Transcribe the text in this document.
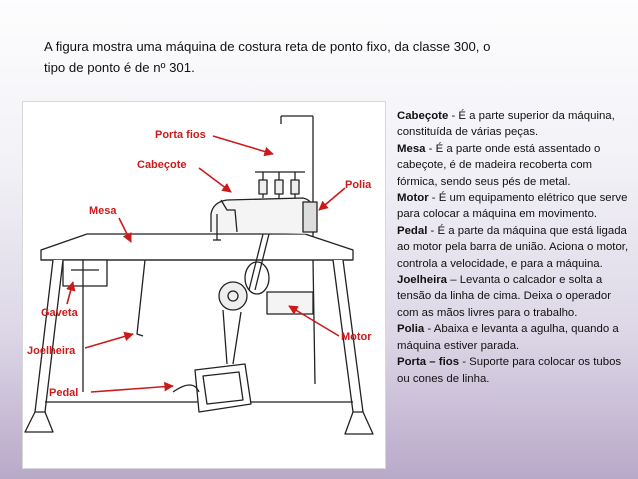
A figura mostra uma máquina de costura reta de ponto fixo, da classe 300, o
tipo de ponto é de nº 301.
Porta fios
Cabeçote
Polia
Mesa
Gaveta
Joelheira
Motor
Pedal

Cabeçote - É a parte superior da máquina, constituída de várias peças.

Mesa - É a parte onde está assentado o cabeçote, é de madeira recoberta com fórmica, sendo seus pés de metal.

Motor - É um equipamento elétrico que serve para colocar a máquina em movimento.

Pedal - É a parte da máquina que está ligada ao motor pela barra de união. Aciona o motor, controla a velocidade, e para a máquina.

Joelheira – Levanta o calcador e solta a tensão da linha de cima. Deixa o operador com as mãos livres para o trabalho.

Polia - Abaixa e levanta a agulha, quando a máquina estiver parada.

Porta – fios - Suporte para colocar os tubos ou cones de linha.
